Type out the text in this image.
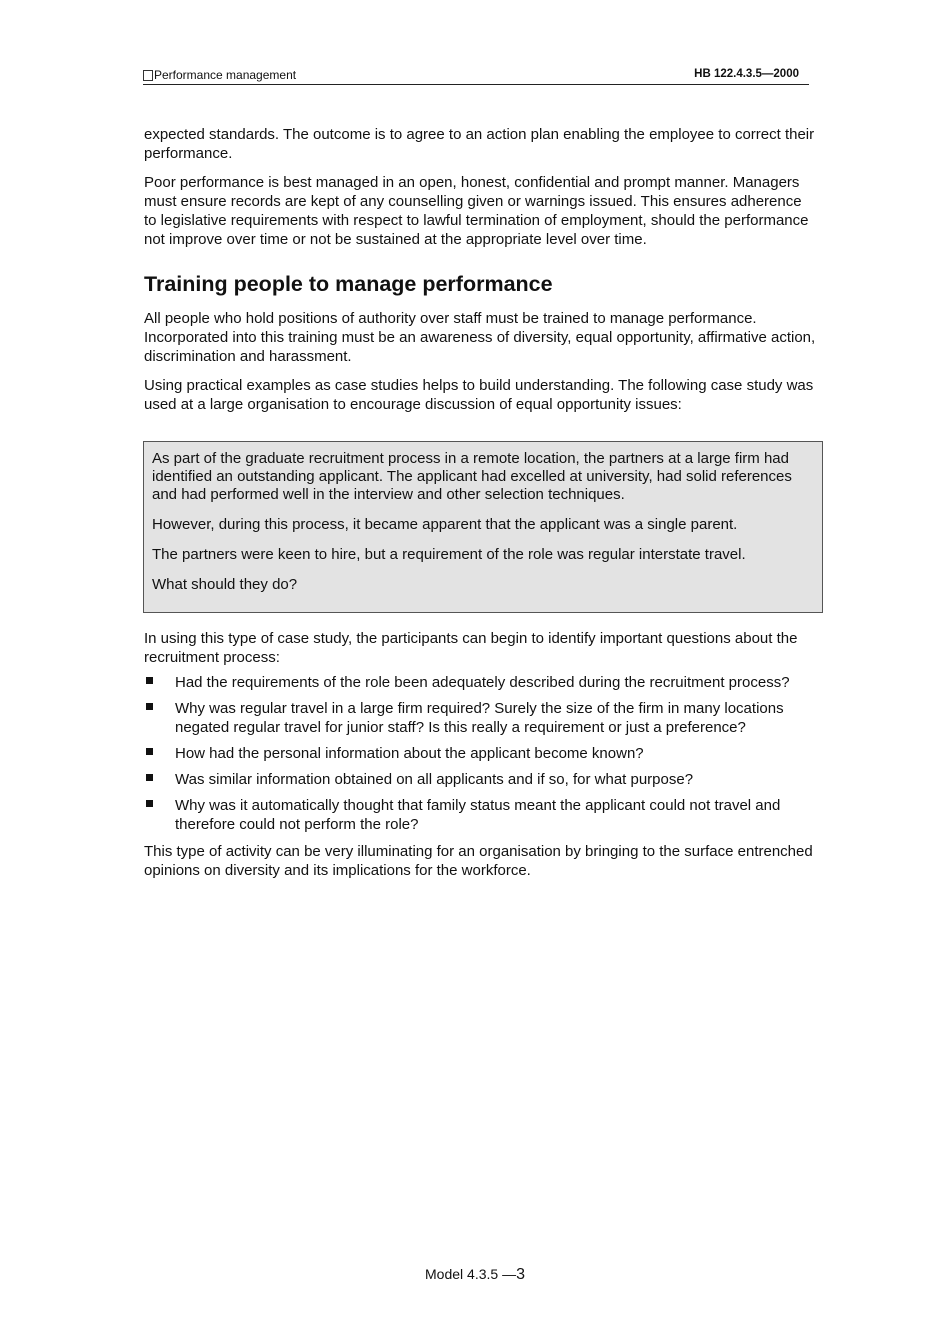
Performance management	HB 122.4.3.5—2000

expected standards. The outcome is to agree to an action plan enabling the employee to correct their performance.

Poor performance is best managed in an open, honest, confidential and prompt manner. Managers must ensure records are kept of any counselling given or warnings issued. This ensures adherence to legislative requirements with respect to lawful termination of employment, should the performance not improve over time or not be sustained at the appropriate level over time.

Training people to manage performance

All people who hold positions of authority over staff must be trained to manage performance. Incorporated into this training must be an awareness of diversity, equal opportunity, affirmative action, discrimination and harassment.

Using practical examples as case studies helps to build understanding. The following case study was used at a large organisation to encourage discussion of equal opportunity issues:

As part of the graduate recruitment process in a remote location, the partners at a large firm had identified an outstanding applicant. The applicant had excelled at university, had solid references and had performed well in the interview and other selection techniques.

However, during this process, it became apparent that the applicant was a single parent.

The partners were keen to hire, but a requirement of the role was regular interstate travel.

What should they do?

In using this type of case study, the participants can begin to identify important questions about the recruitment process:

Had the requirements of the role been adequately described during the recruitment process?
Why was regular travel in a large firm required? Surely the size of the firm in many locations negated regular travel for junior staff? Is this really a requirement or just a preference?
How had the personal information about the applicant become known?
Was similar information obtained on all applicants and if so, for what purpose?
Why was it automatically thought that family status meant the applicant could not travel and therefore could not perform the role?

This type of activity can be very illuminating for an organisation by bringing to the surface entrenched opinions on diversity and its implications for the workforce.

Model 4.3.5 —3
